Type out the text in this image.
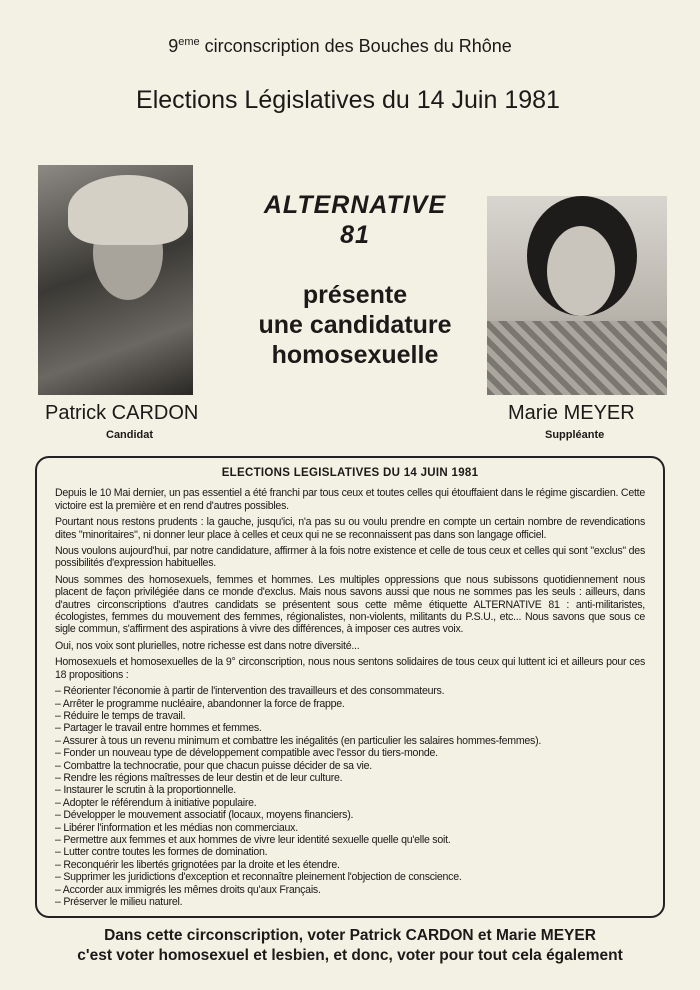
9eme circonscription des Bouches du Rhône
Elections Législatives du 14 Juin 1981
ALTERNATIVE
81
présente
une candidature
homosexuelle
Patrick CARDON
Candidat
Marie MEYER
Suppléante
ELECTIONS LEGISLATIVES DU 14 JUIN 1981

Depuis le 10 Mai dernier, un pas essentiel a été franchi par tous ceux et toutes celles qui étouffaient dans le régime giscardien. Cette victoire est la première et en rend d'autres possibles.

Pourtant nous restons prudents : la gauche, jusqu'ici, n'a pas su ou voulu prendre en compte un certain nombre de revendications dites "minoritaires", ni donner leur place à celles et ceux qui ne se reconnaissent pas dans son langage officiel.

Nous voulons aujourd'hui, par notre candidature, affirmer à la fois notre existence et celle de tous ceux et celles qui sont "exclus" des possibilités d'expression habituelles.

Nous sommes des homosexuels, femmes et hommes. Les multiples oppressions que nous subissons quotidiennement nous placent de façon privilégiée dans ce monde d'exclus. Mais nous savons aussi que nous ne sommes pas les seuls : ailleurs, dans d'autres circonscriptions d'autres candidats se présentent sous cette même étiquette ALTERNATIVE 81 : anti-militaristes, écologistes, femmes du mouvement des femmes, régionalistes, non-violents, militants du P.S.U., etc... Nous savons que sous ce sigle commun, s'affirment des aspirations à vivre des différences, à imposer ces autres voix.

Oui, nos voix sont plurielles, notre richesse est dans notre diversité...

Homosexuels et homosexuelles de la 9° circonscription, nous nous sentons solidaires de tous ceux qui luttent ici et ailleurs pour ces 18 propositions :

– Réorienter l'économie à partir de l'intervention des travailleurs et des consommateurs.
– Arrêter le programme nucléaire, abandonner la force de frappe.
– Réduire le temps de travail.
– Partager le travail entre hommes et femmes.
– Assurer à tous un revenu minimum et combattre les inégalités (en particulier les salaires hommes-femmes).
– Fonder un nouveau type de développement compatible avec l'essor du tiers-monde.
– Combattre la technocratie, pour que chacun puisse décider de sa vie.
– Rendre les régions maîtresses de leur destin et de leur culture.
– Instaurer le scrutin à la proportionnelle.
– Adopter le référendum à initiative populaire.
– Développer le mouvement associatif (locaux, moyens financiers).
– Libérer l'information et les médias non commerciaux.
– Permettre aux femmes et aux hommes de vivre leur identité sexuelle quelle qu'elle soit.
– Lutter contre toutes les formes de domination.
– Reconquérir les libertés grignotées par la droite et les étendre.
– Supprimer les juridictions d'exception et reconnaître pleinement l'objection de conscience.
– Accorder aux immigrés les mêmes droits qu'aux Français.
– Préserver le milieu naturel.
Dans cette circonscription, voter Patrick CARDON et Marie MEYER
c'est voter homosexuel et lesbien, et donc, voter pour tout cela également
